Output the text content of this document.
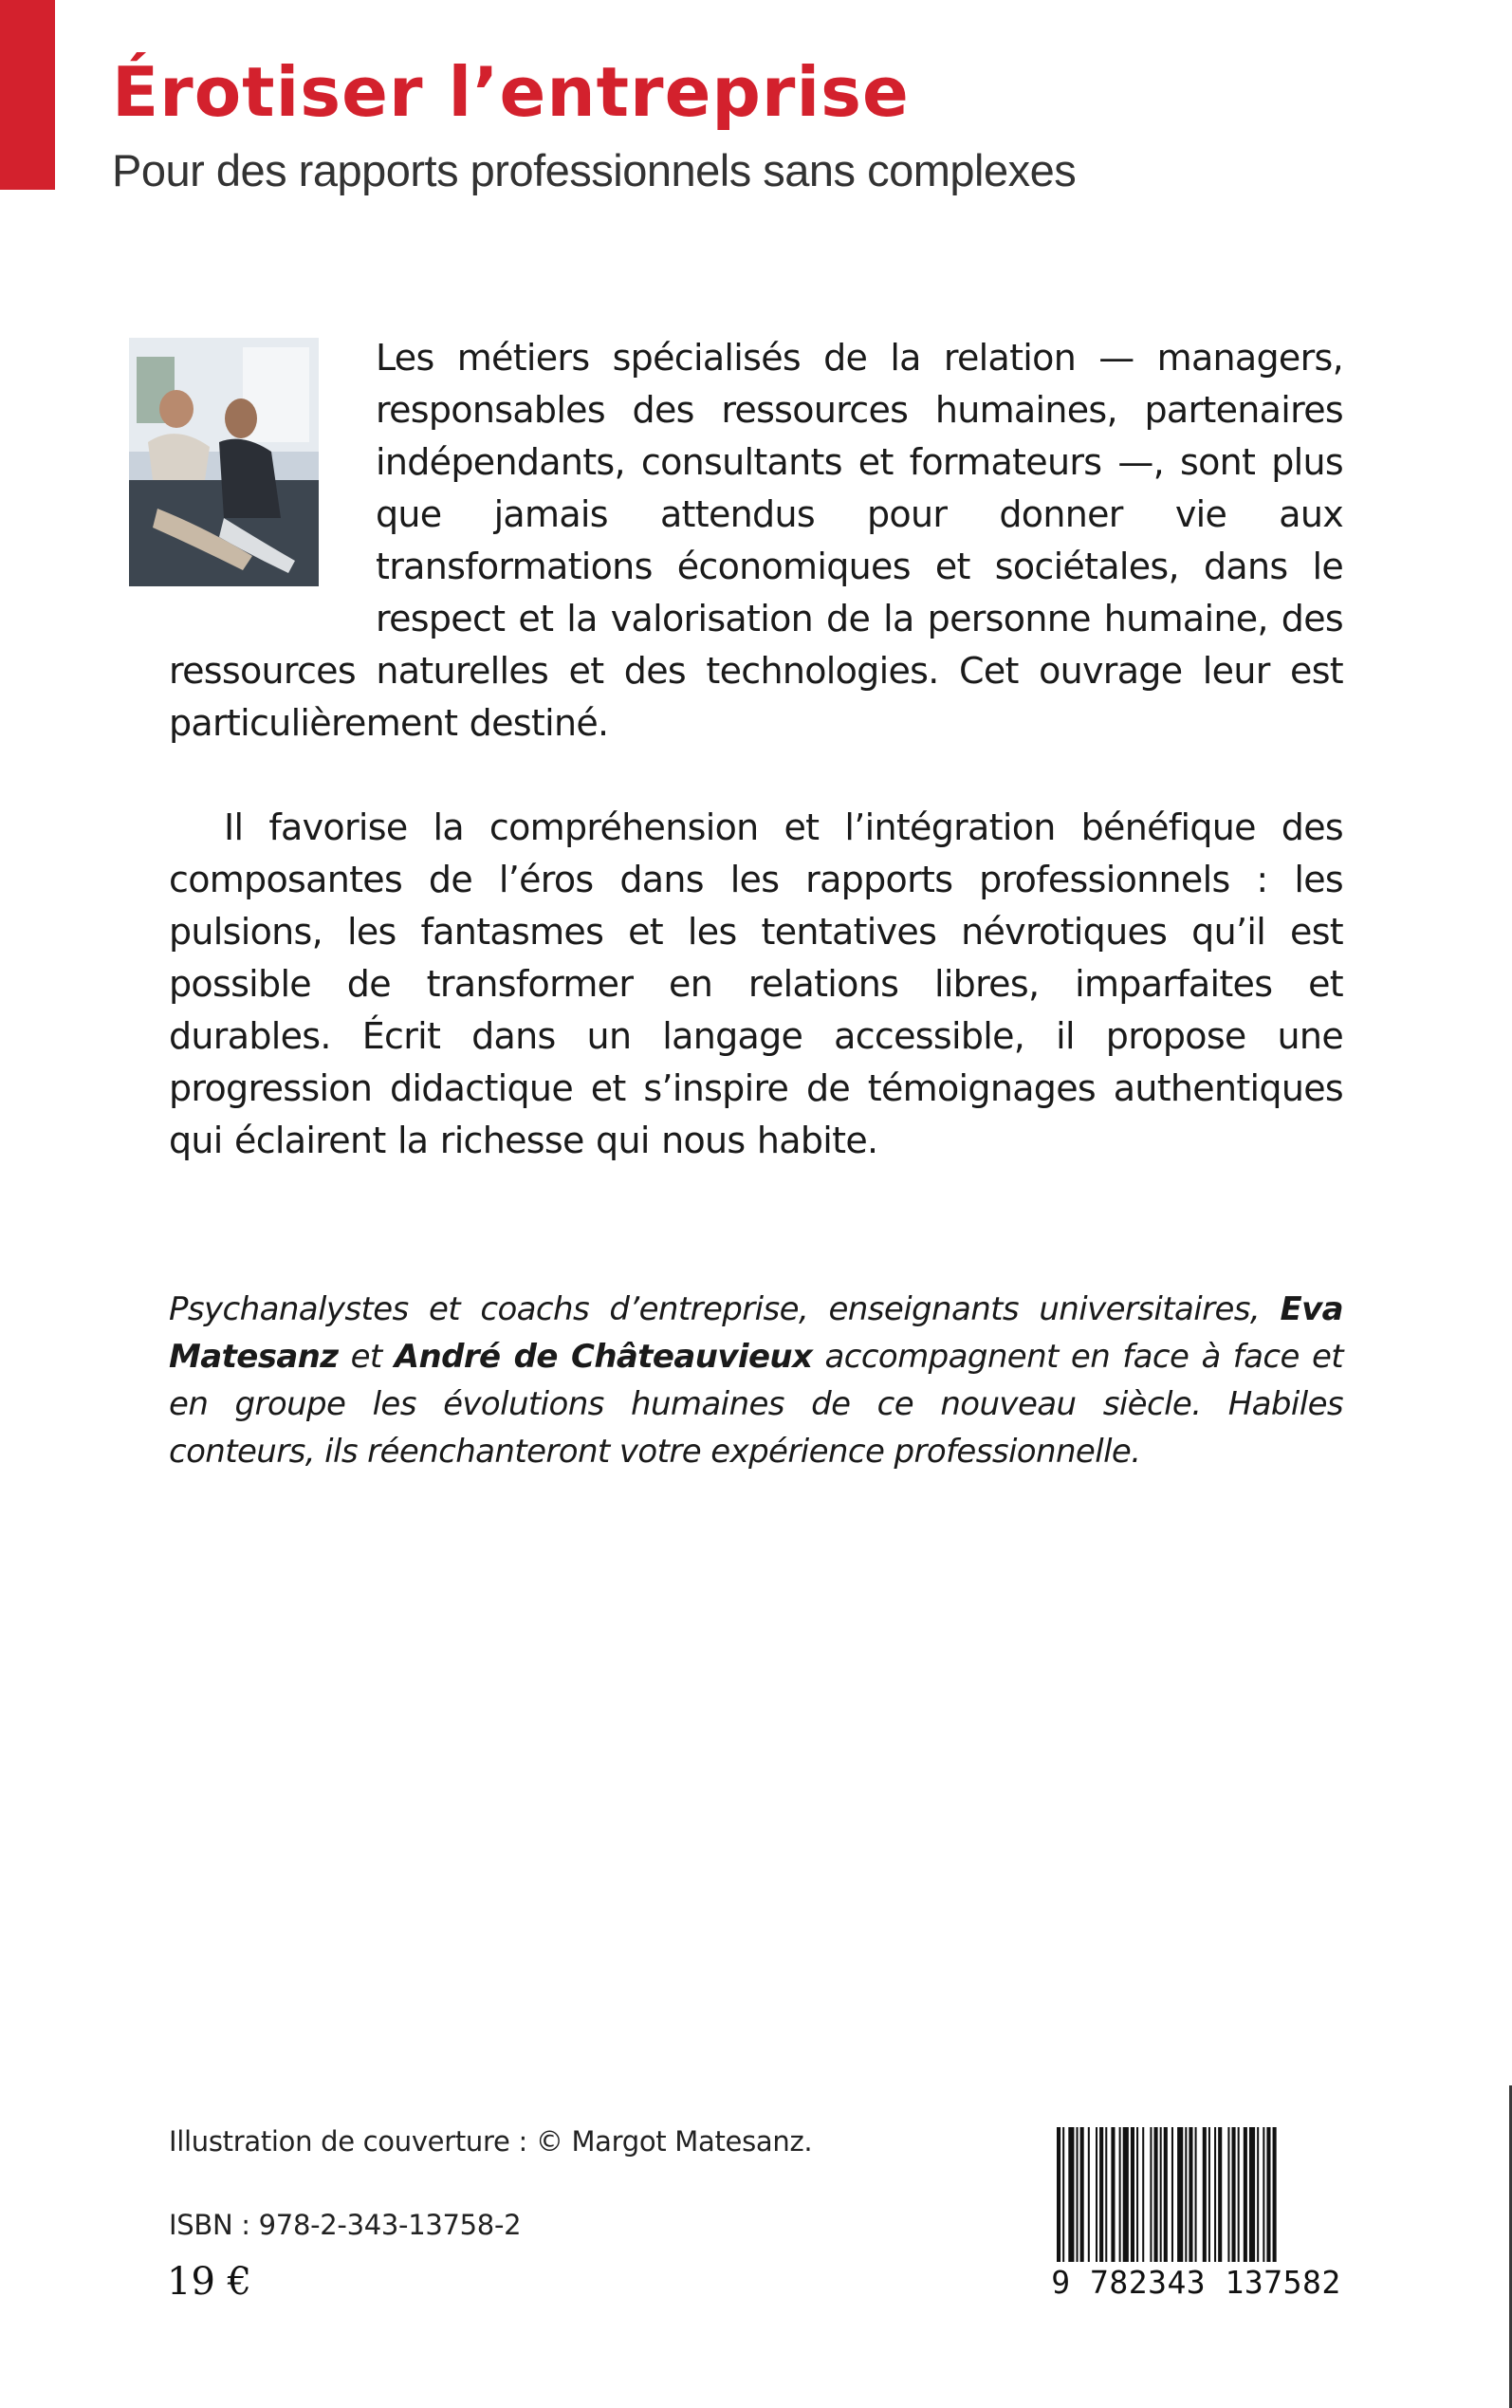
Érotiser l’entreprise
Pour des rapports professionnels sans complexes

Les métiers spécialisés de la relation — managers, responsables des ressources humaines, partenaires indépendants, consultants et formateurs —, sont plus que jamais attendus pour donner vie aux transformations économiques et sociétales, dans le respect et la valorisation de la personne humaine, des ressources naturelles et des technologies. Cet ouvrage leur est particulièrement destiné.

Il favorise la compréhension et l’intégration bénéfique des composantes de l’éros dans les rapports professionnels : les pulsions, les fantasmes et les tentatives névrotiques qu’il est possible de transformer en relations libres, imparfaites et durables. Écrit dans un langage accessible, il propose une progression didactique et s’inspire de témoignages authentiques qui éclairent la richesse qui nous habite.

Psychanalystes et coachs d’entreprise, enseignants universitaires, Eva Matesanz et André de Châteauvieux accompagnent en face à face et en groupe les évolutions humaines de ce nouveau siècle. Habiles conteurs, ils réenchanteront votre expérience professionnelle.

Illustration de couverture : © Margot Matesanz.

ISBN : 978-2-343-13758-2

19 €	9 782343 137582
